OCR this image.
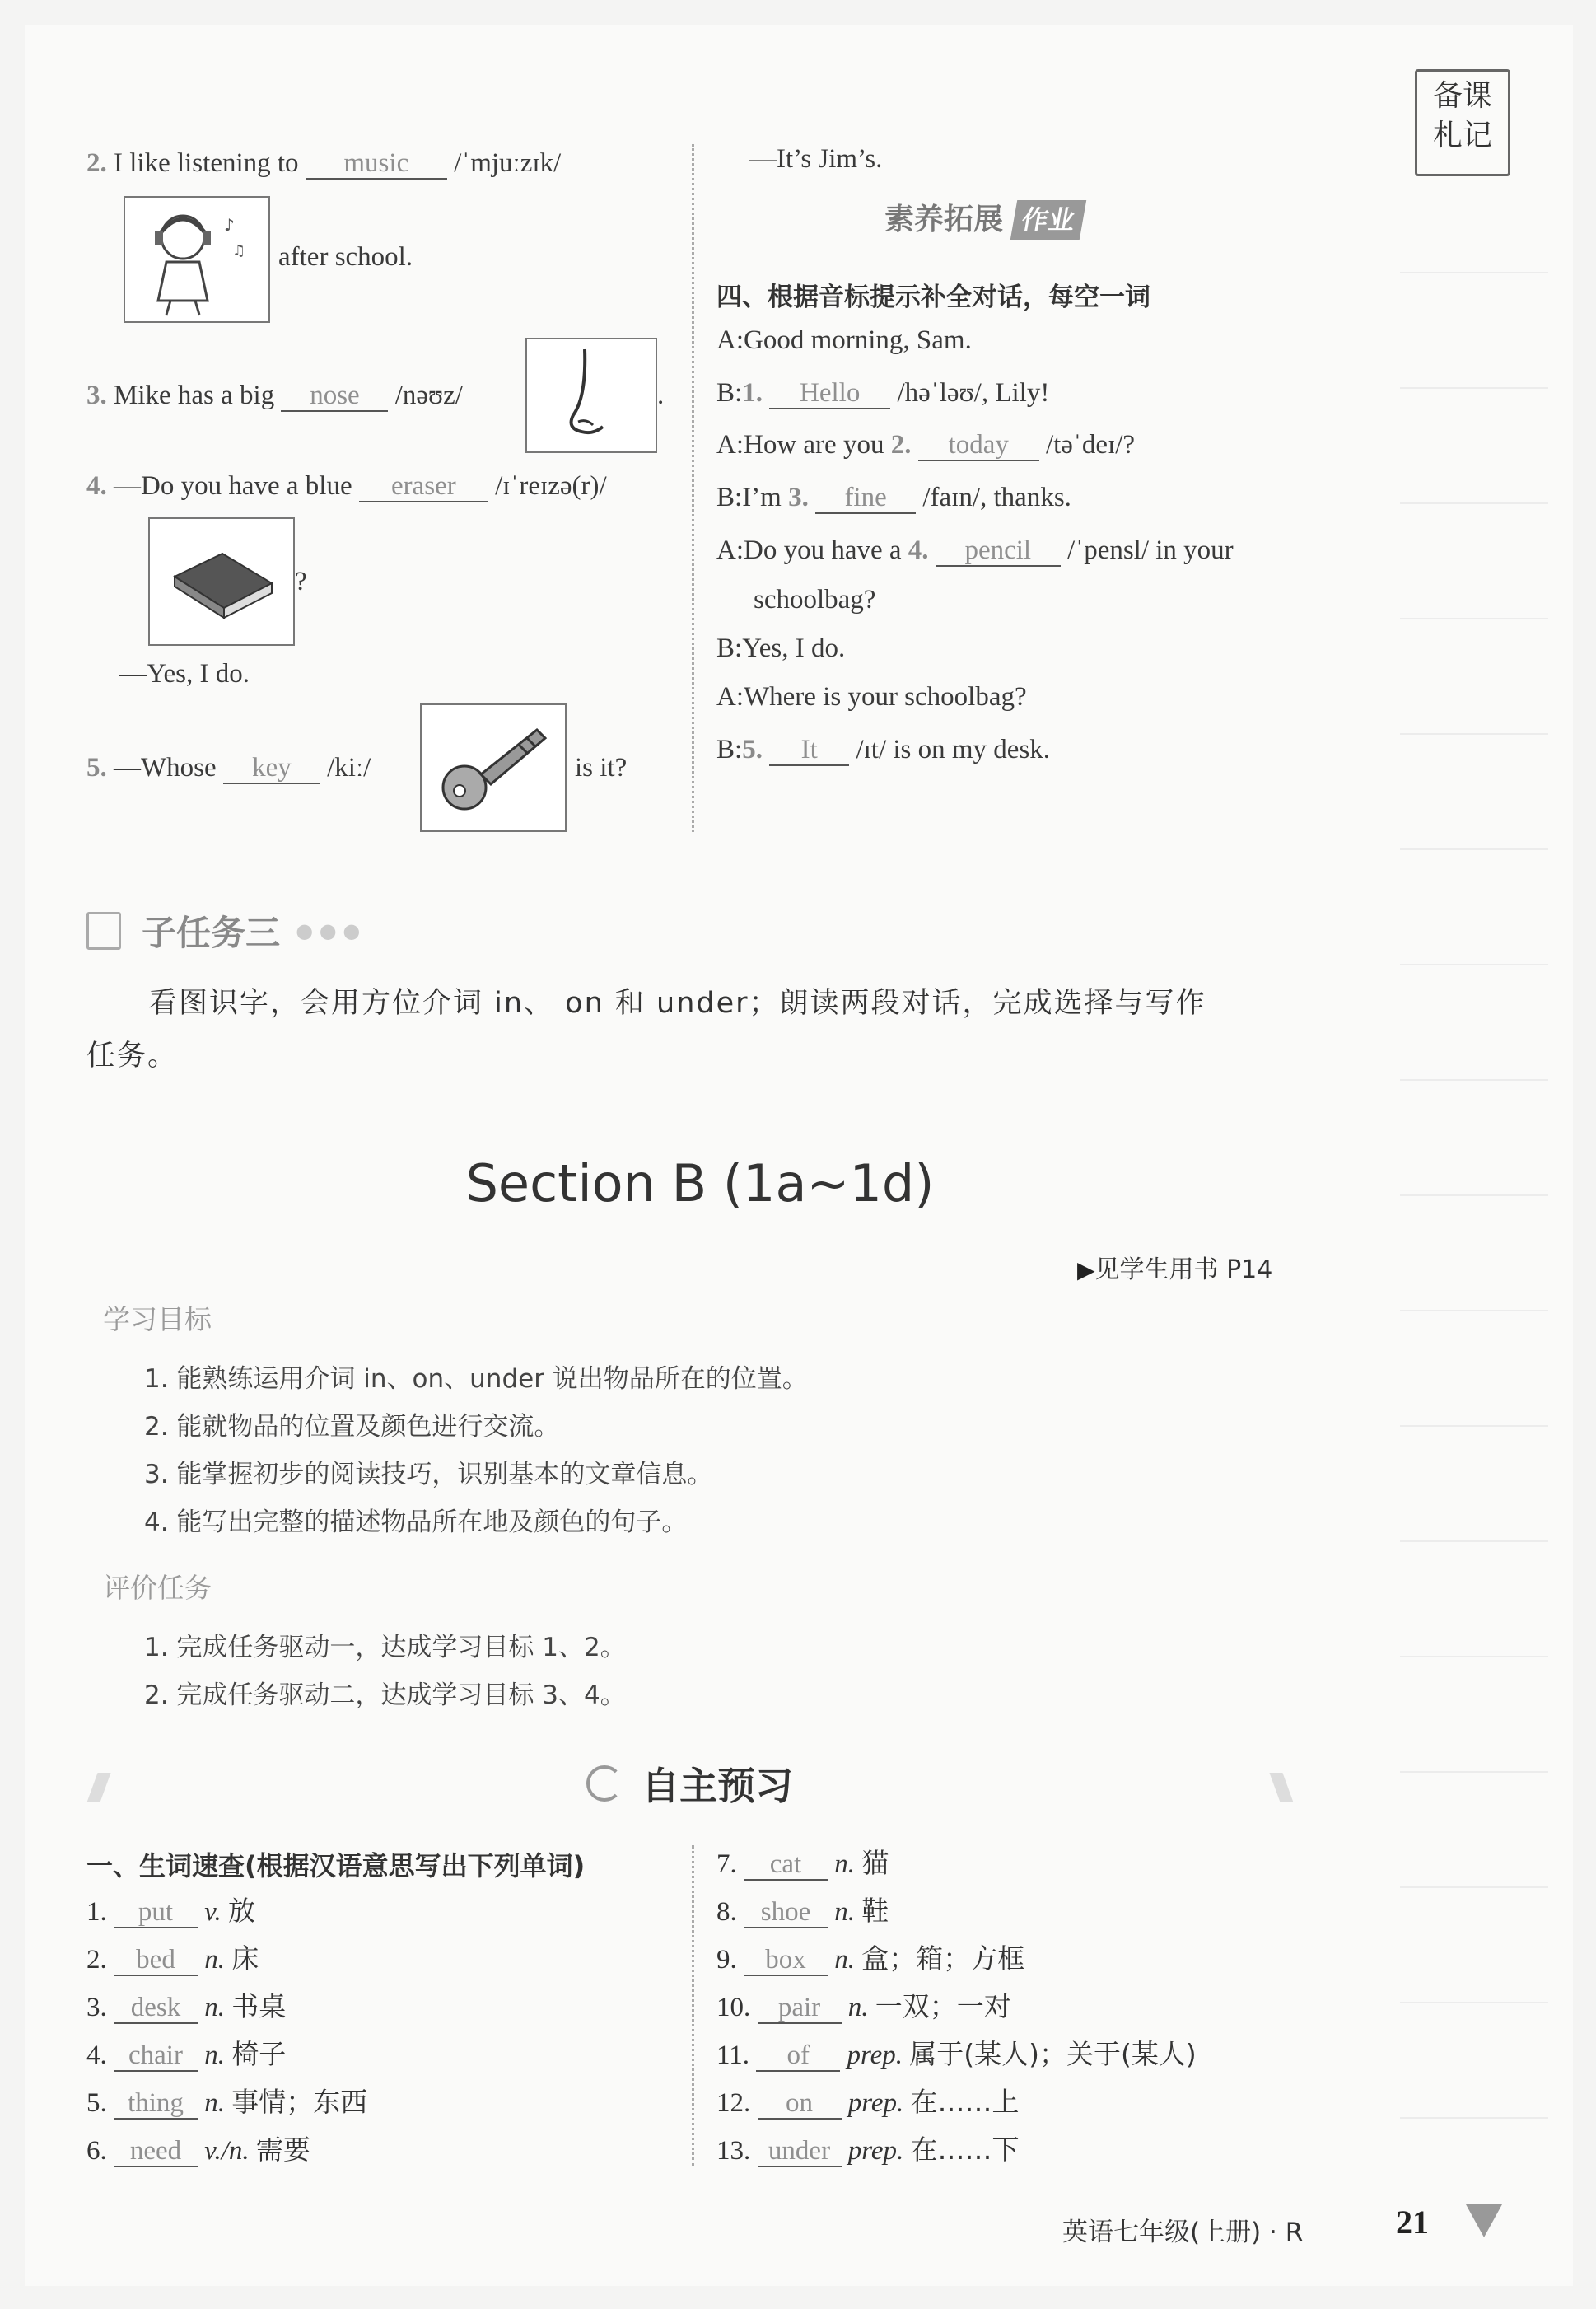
备课
札记
2. I like listening to music /ˈmjuːzɪk/
♪
♫ after school.
3. Mike has a big nose /nəʊz/	.
4. —Do you have a blue eraser /ɪˈreɪzə(r)/
?
—Yes, I do.
5. —Whose key /kiː/	is it?
—It’s Jim’s.
素养拓展 作业
四、根据音标提示补全对话，每空一词
A:Good morning, Sam.
B:1. Hello /həˈləʊ/, Lily!
A:How are you 2. today /təˈdeɪ/?
B:I’m 3. fine /faɪn/, thanks.
A:Do you have a 4. pencil /ˈpensl/ in your
schoolbag?
B:Yes, I do.
A:Where is your schoolbag?
B:5. It /ɪt/ is on my desk.
子任务三 ● ● ●
看图识字，会用方位介词 in、 on 和 under；朗读两段对话，完成选择与写作
任务。
Section B (1a~1d)
▶见学生用书 P14
学习目标
1. 能熟练运用介词 in、on、under 说出物品所在的位置。
2. 能就物品的位置及颜色进行交流。
3. 能掌握初步的阅读技巧，识别基本的文章信息。
4. 能写出完整的描述物品所在地及颜色的句子。
评价任务
1. 完成任务驱动一，达成学习目标 1、2。
2. 完成任务驱动二，达成学习目标 3、4。
自主预习
一、生词速查(根据汉语意思写出下列单词)
1. put v. 放
2. bed n. 床
3. desk n. 书桌
4. chair n. 椅子
5. thing n. 事情；东西
6. need v./n. 需要
7. cat n. 猫
8. shoe n. 鞋
9. box n. 盒；箱；方框
10. pair n. 一双；一对
11. of prep. 属于(某人)；关于(某人)
12. on prep. 在……上
13. under prep. 在……下
英语七年级(上册) · R	21
